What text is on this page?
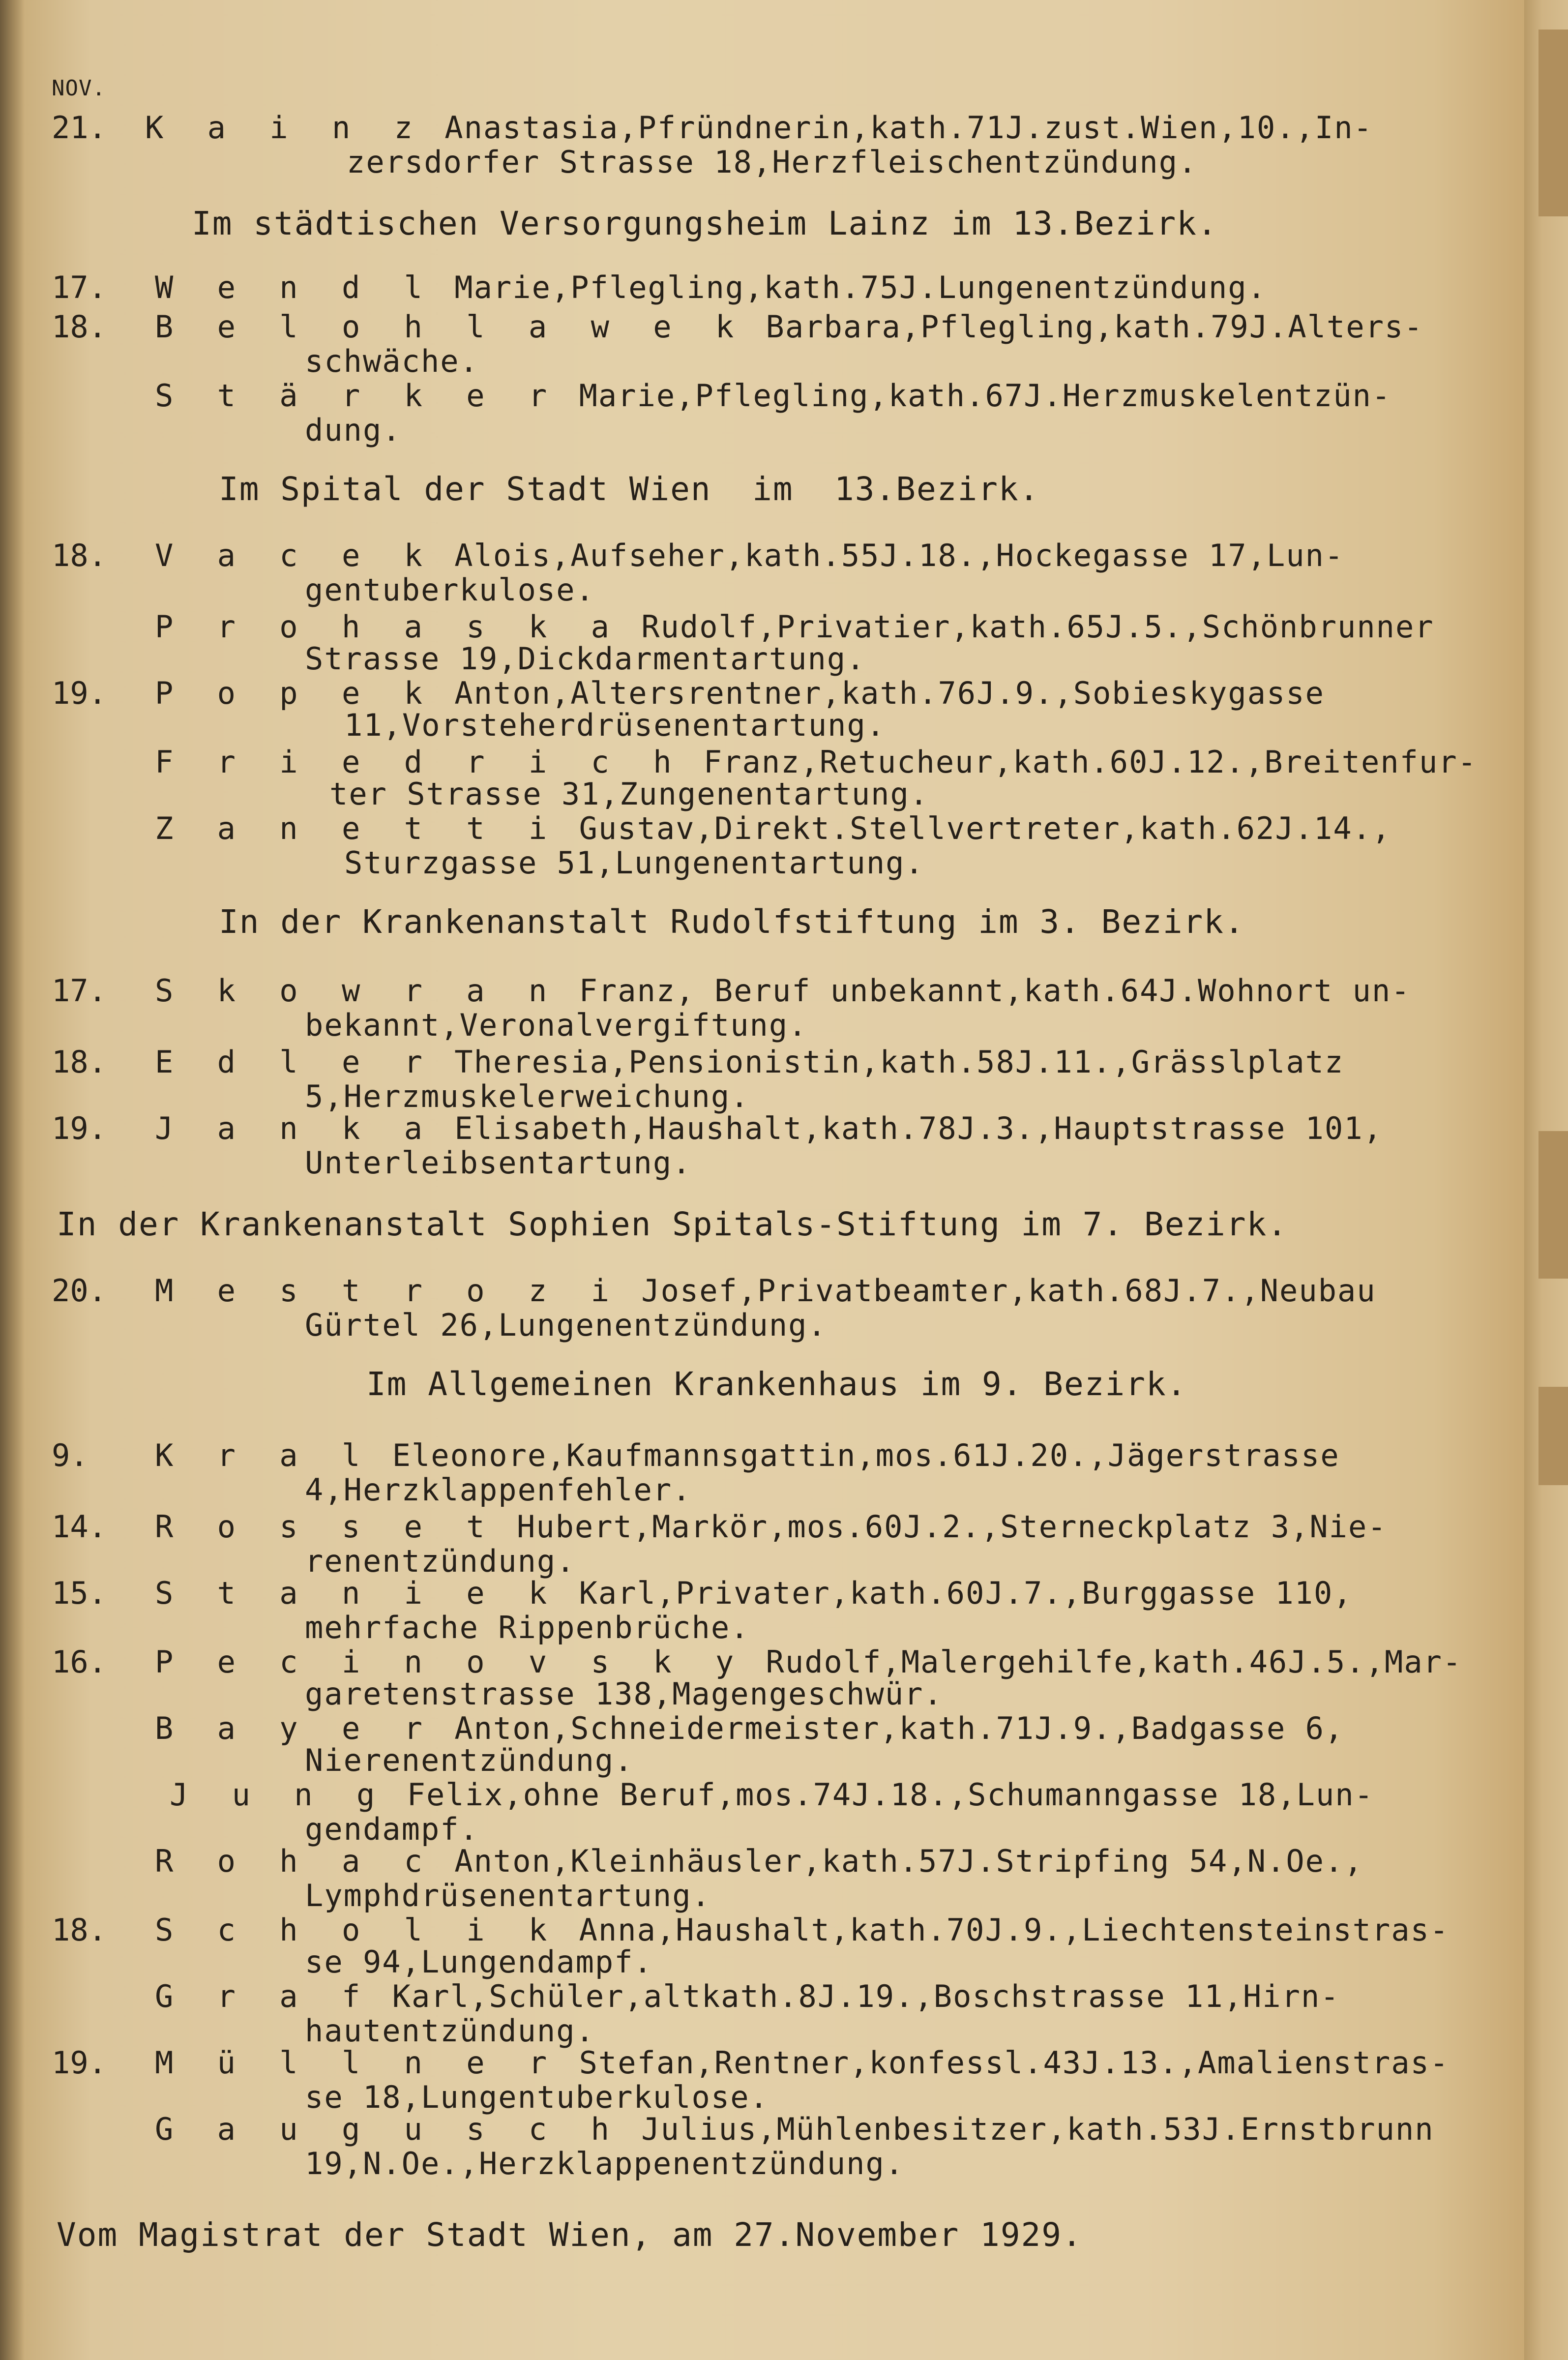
NOV.
21. K a i n z Anastasia,Pfründnerin,kath.71J.zust.Wien,10.,In-
zersdorfer Strasse 18,Herzfleischentzündung.
Im städtischen Versorgungsheim Lainz im 13.Bezirk.
17. W e n d l Marie,Pflegling,kath.75J.Lungenentzündung.
18. B e l o h l a w e k Barbara,Pflegling,kath.79J.Alters-
schwäche.
S t ä r k e r Marie,Pflegling,kath.67J.Herzmuskelentzün-
dung.
Im Spital der Stadt Wien  im  13.Bezirk.
18. V a c e k Alois,Aufseher,kath.55J.18.,Hockegasse 17,Lun-
gentuberkulose.
P r o h a s k a Rudolf,Privatier,kath.65J.5.,Schönbrunner
Strasse 19,Dickdarmentartung.
19. P o p e k Anton,Altersrentner,kath.76J.9.,Sobieskygasse
11,Vorsteherdrüsenentartung.
F r i e d r i c h Franz,Retucheur,kath.60J.12.,Breitenfur-
ter Strasse 31,Zungenentartung.
Z a n e t t i Gustav,Direkt.Stellvertreter,kath.62J.14.,
Sturzgasse 51,Lungenentartung.
In der Krankenanstalt Rudolfstiftung im 3. Bezirk.
17. S k o w r a n Franz, Beruf unbekannt,kath.64J.Wohnort un-
bekannt,Veronalvergiftung.
18. E d l e r Theresia,Pensionistin,kath.58J.11.,Grässlplatz
5,Herzmuskelerweichung.
19. J a n k a Elisabeth,Haushalt,kath.78J.3.,Hauptstrasse 101,
Unterleibsentartung.
In der Krankenanstalt Sophien Spitals-Stiftung im 7. Bezirk.
20. M e s t r o z i Josef,Privatbeamter,kath.68J.7.,Neubau
Gürtel 26,Lungenentzündung.
Im Allgemeinen Krankenhaus im 9. Bezirk.
9. K r a l Eleonore,Kaufmannsgattin,mos.61J.20.,Jägerstrasse
4,Herzklappenfehler.
14. R o s s e t Hubert,Markör,mos.60J.2.,Sterneckplatz 3,Nie-
renentzündung.
15. S t a n i e k Karl,Privater,kath.60J.7.,Burggasse 110,
mehrfache Rippenbrüche.
16. P e c i n o v s k y Rudolf,Malergehilfe,kath.46J.5.,Mar-
garetenstrasse 138,Magengeschwür.
B a y e r Anton,Schneidermeister,kath.71J.9.,Badgasse 6,
Nierenentzündung.
J u n g Felix,ohne Beruf,mos.74J.18.,Schumanngasse 18,Lun-
gendampf.
R o h a c Anton,Kleinhäusler,kath.57J.Stripfing 54,N.Oe.,
Lymphdrüsenentartung.
18. S c h o l i k Anna,Haushalt,kath.70J.9.,Liechtensteinstras-
se 94,Lungendampf.
G r a f Karl,Schüler,altkath.8J.19.,Boschstrasse 11,Hirn-
hautentzündung.
19. M ü l l n e r Stefan,Rentner,konfessl.43J.13.,Amalienstras-
se 18,Lungentuberkulose.
G a u g u s c h Julius,Mühlenbesitzer,kath.53J.Ernstbrunn
19,N.Oe.,Herzklappenentzündung.
Vom Magistrat der Stadt Wien, am 27.November 1929.
